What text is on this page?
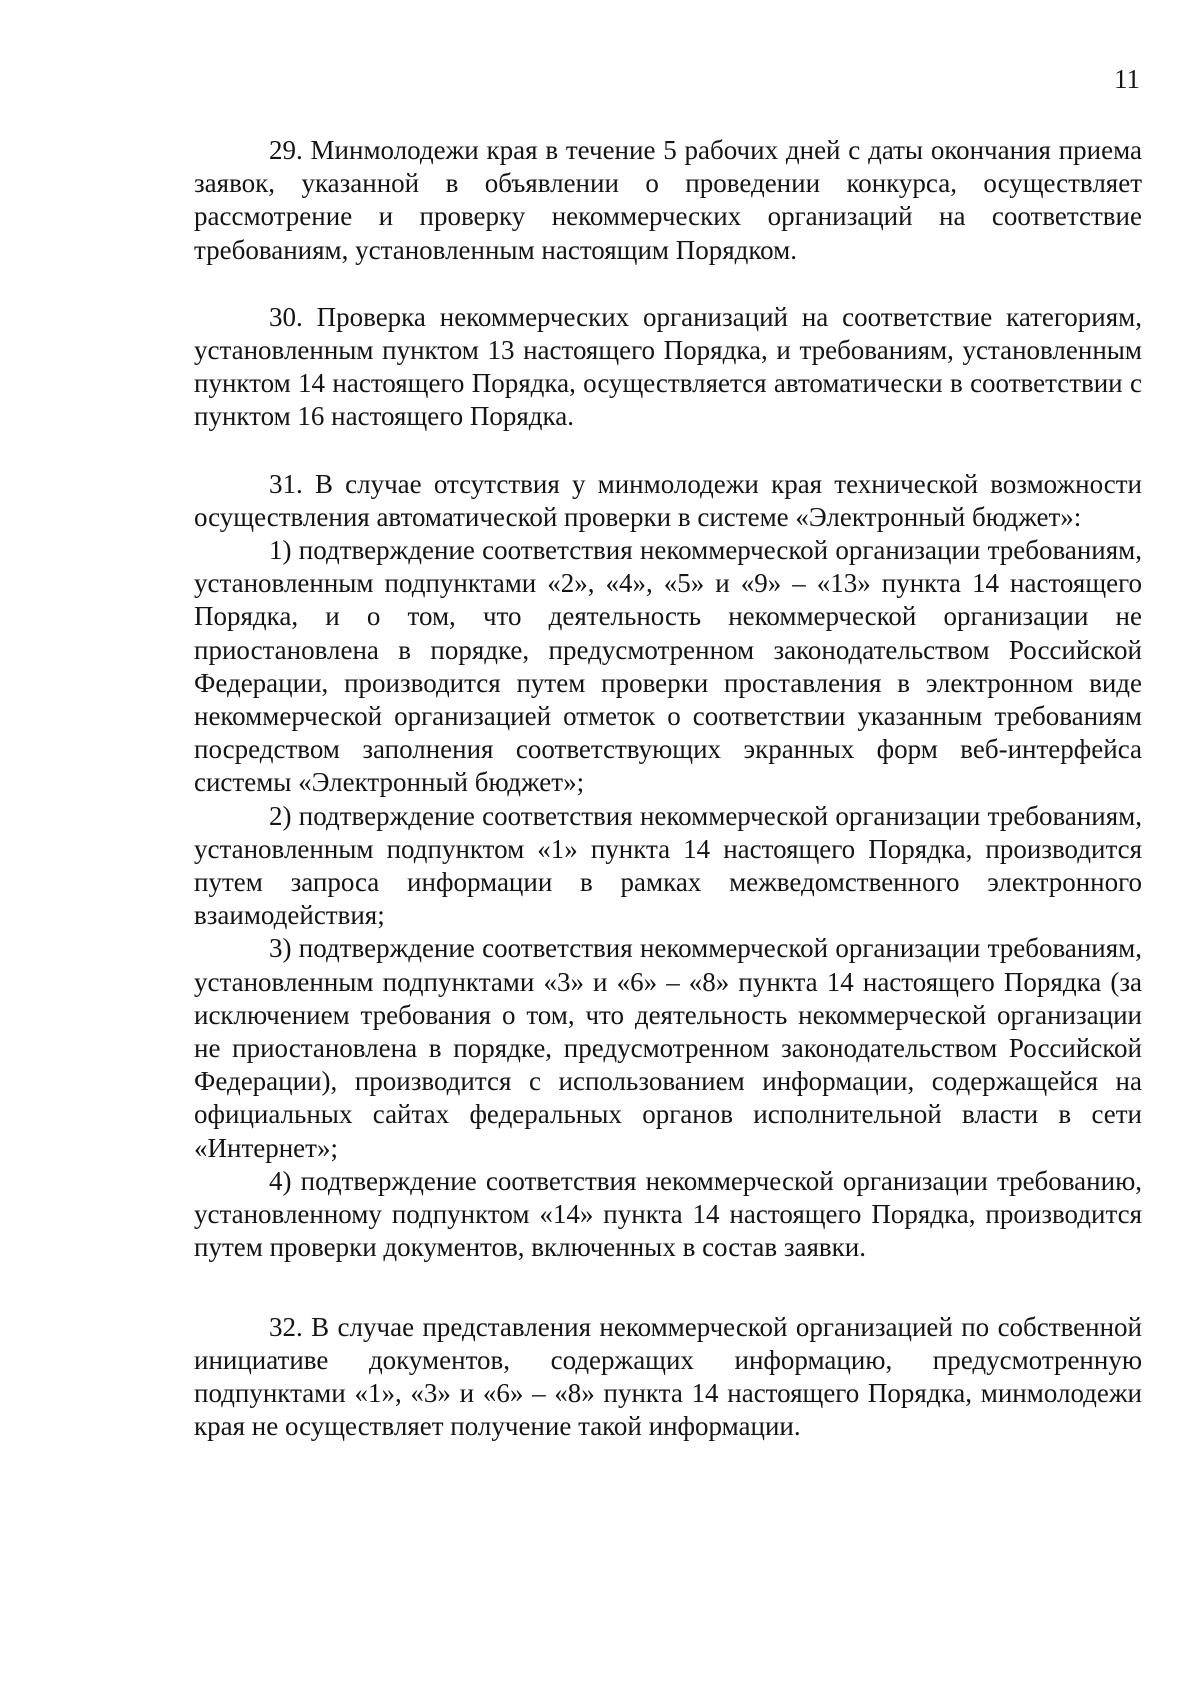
11

29. Минмолодежи края в течение 5 рабочих дней с даты окончания приема заявок, указанной в объявлении о проведении конкурса, осуществляет рассмотрение и проверку некоммерческих организаций на соответствие требованиям, установленным настоящим Порядком.

30. Проверка некоммерческих организаций на соответствие категориям, установленным пунктом 13 настоящего Порядка, и требованиям, установленным пунктом 14 настоящего Порядка, осуществляется автоматически в соответствии с пунктом 16 настоящего Порядка.

31. В случае отсутствия у минмолодежи края технической возможности осуществления автоматической проверки в системе «Электронный бюджет»:

1) подтверждение соответствия некоммерческой организации требованиям, установленным подпунктами «2», «4», «5» и «9» – «13» пункта 14 настоящего Порядка, и о том, что деятельность некоммерческой организации не приостановлена в порядке, предусмотренном законодательством Российской Федерации, производится путем проверки проставления в электронном виде некоммерческой организацией отметок о соответствии указанным требованиям посредством заполнения соответствующих экранных форм веб-интерфейса системы «Электронный бюджет»;

2) подтверждение соответствия некоммерческой организации требованиям, установленным подпунктом «1» пункта 14 настоящего Порядка, производится путем запроса информации в рамках межведомственного электронного взаимодействия;

3) подтверждение соответствия некоммерческой организации требованиям, установленным подпунктами «3» и «6» – «8» пункта 14 настоящего Порядка (за исключением требования о том, что деятельность некоммерческой организации не приостановлена в порядке, предусмотренном законодательством Российской Федерации), производится с использованием информации, содержащейся на официальных сайтах федеральных органов исполнительной власти в сети «Интернет»;

4) подтверждение соответствия некоммерческой организации требованию, установленному подпунктом «14» пункта 14 настоящего Порядка, производится путем проверки документов, включенных в состав заявки.

32. В случае представления некоммерческой организацией по собственной инициативе документов, содержащих информацию, предусмотренную подпунктами «1», «3» и «6» – «8» пункта 14 настоящего Порядка, минмолодежи края не осуществляет получение такой информации.
